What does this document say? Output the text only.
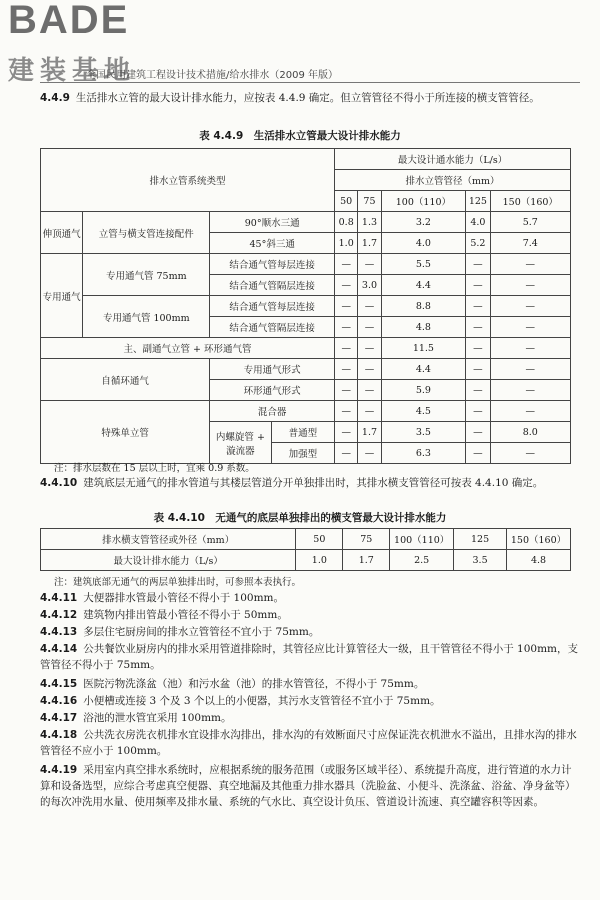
BADE
建装基地
全国民用建筑工程设计技术措施/给水排水（2009 年版）
4.4.9 生活排水立管的最大设计排水能力，应按表 4.4.9 确定。但立管管径不得小于所连接的横支管管径。
表 4.4.9　生活排水立管最大设计排水能力
排水立管系统类型				最大设计通水能力（L/s）				
				排水立管管径（mm）				
				50	75	100（110）	125	150（160）
伸顶通气	立管与横支管连接配件	90°顺水三通		0.8	1.3	3.2	4.0	5.7
		45°斜三通		1.0	1.7	4.0	5.2	7.4
专用通气	专用通气管 75mm	结合通气管每层连接		—	—	5.5	—	—
		结合通气管隔层连接		—	3.0	4.4	—	—
	专用通气管 100mm	结合通气管每层连接		—	—	8.8	—	—
		结合通气管隔层连接		—	—	4.8	—	—
主、副通气立管 + 环形通气管				—	—	11.5	—	—
自循环通气		专用通气形式		—	—	4.4	—	—
		环形通气形式		—	—	5.9	—	—
特殊单立管		混合器		—	—	4.5	—	—
		内螺旋管 + 漩流器	普通型	—	1.7	3.5	—	8.0
			加强型	—	—	6.3	—	—
注：排水层数在 15 层以上时，宜乘 0.9 系数。
4.4.10 建筑底层无通气的排水管道与其楼层管道分开单独排出时，其排水横支管管径可按表 4.4.10 确定。
表 4.4.10　无通气的底层单独排出的横支管最大设计排水能力
排水横支管管径或外径（mm）	50	75	100（110）	125	150（160）
最大设计排水能力（L/s）	1.0	1.7	2.5	3.5	4.8
注：建筑底部无通气的两层单独排出时，可参照本表执行。
4.4.11 大便器排水管最小管径不得小于 100mm。
4.4.12 建筑物内排出管最小管径不得小于 50mm。
4.4.13 多层住宅厨房间的排水立管管径不宜小于 75mm。
4.4.14 公共餐饮业厨房内的排水采用管道排除时，其管径应比计算管径大一级，且干管管径不得小于 100mm，支管管径不得小于 75mm。
4.4.15 医院污物洗涤盆（池）和污水盆（池）的排水管管径，不得小于 75mm。
4.4.16 小便槽或连接 3 个及 3 个以上的小便器，其污水支管管径不宜小于 75mm。
4.4.17 浴池的泄水管宜采用 100mm。
4.4.18 公共洗衣房洗衣机排水宜设排水沟排出，排水沟的有效断面尺寸应保证洗衣机泄水不溢出，且排水沟的排水管管径不应小于 100mm。
4.4.19 采用室内真空排水系统时，应根据系统的服务范围（或服务区域半径）、系统提升高度，进行管道的水力计算和设备选型，应综合考虑真空便器、真空地漏及其他重力排水器具（洗脸盆、小便斗、洗涤盆、浴盆、净身盆等）的每次冲洗用水量、使用频率及排水量、系统的气水比、真空设计负压、管道设计流速、真空罐容积等因素。
